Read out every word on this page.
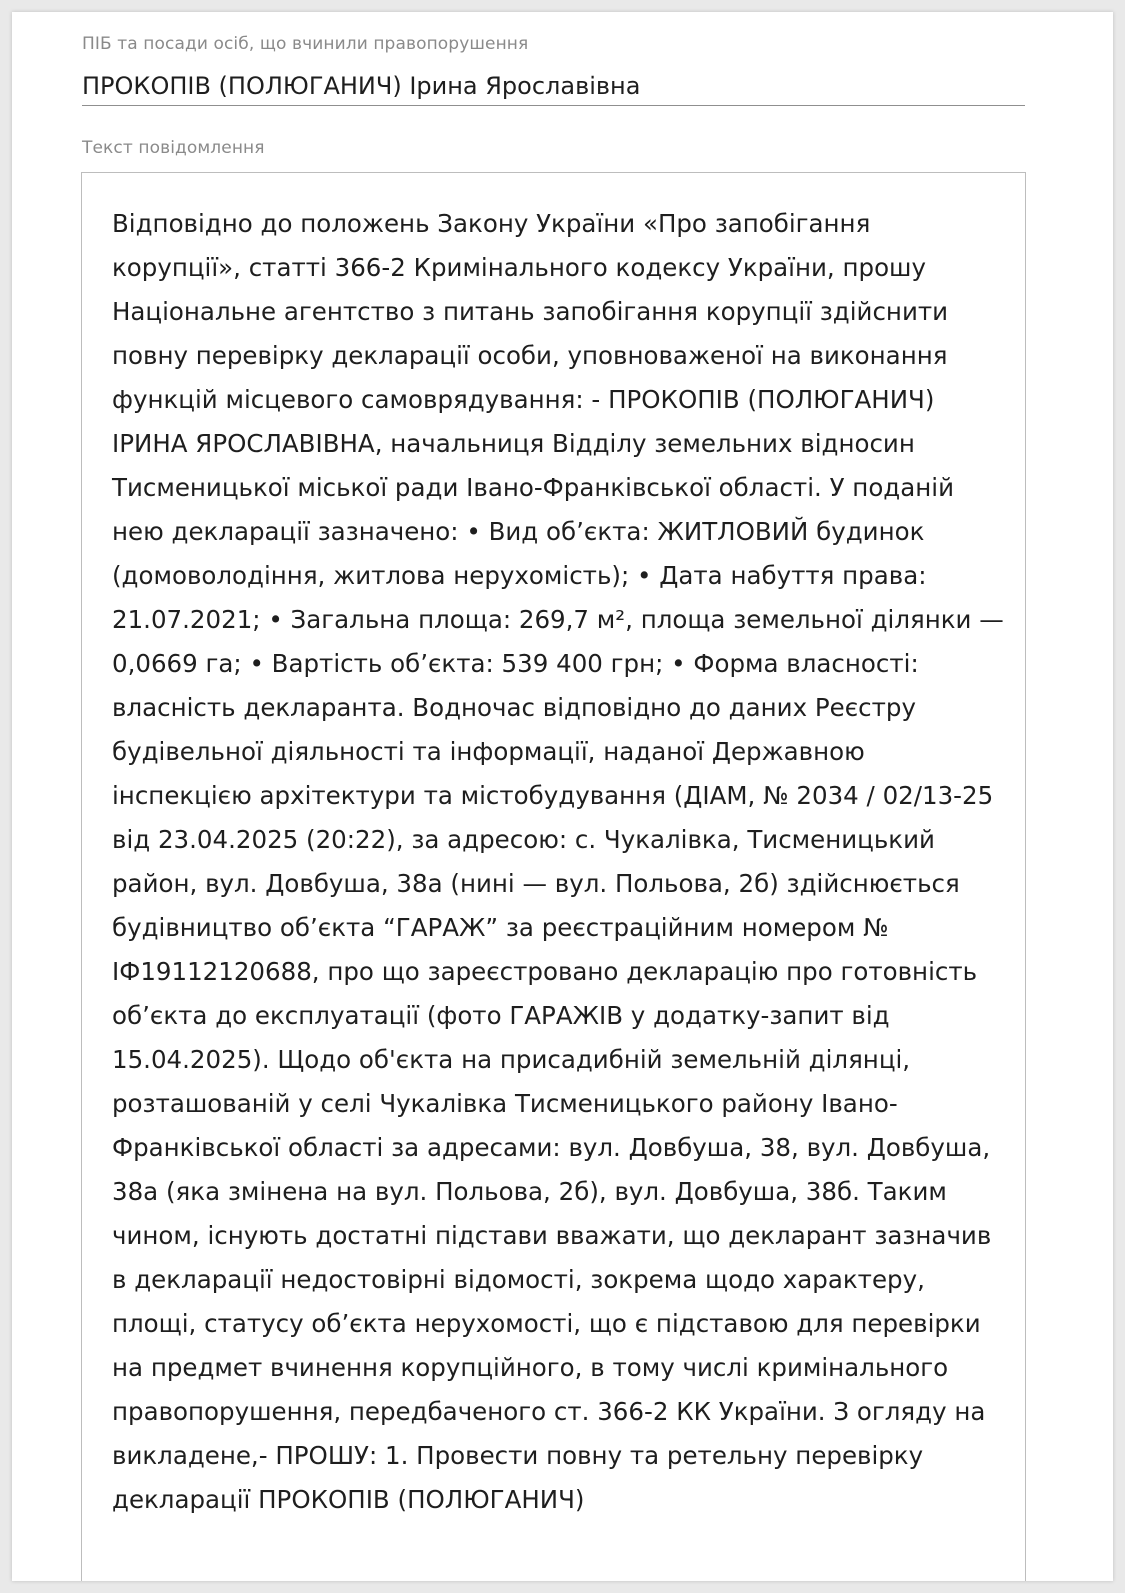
ПІБ та посади осіб, що вчинили правопорушення
ПРОКОПІВ (ПОЛЮГАНИЧ) Ірина Ярославівна
Текст повідомлення
Відповідно до положень Закону України «Про запобігання корупції», статті 366-2 Кримінального кодексу України, прошу Національне агентство з питань запобігання корупції здійснити повну перевірку декларації особи, уповноваженої на виконання функцій місцевого самоврядування: - ПРОКОПІВ (ПОЛЮГАНИЧ) ІРИНА ЯРОСЛАВІВНА, начальниця Відділу земельних відносин Тисменицької міської ради Івано-Франківської області. У поданій нею декларації зазначено: • Вид об’єкта: ЖИТЛОВИЙ будинок (домоволодіння, житлова нерухомість); • Дата набуття права: 21.07.2021; • Загальна площа: 269,7 м², площа земельної ділянки — 0,0669 га; • Вартість об’єкта: 539 400 грн; • Форма власності: власність декларанта. Водночас відповідно до даних Реєстру будівельної діяльності та інформації, наданої Державною інспекцією архітектури та містобудування (ДІАМ, № 2034 / 02/13-25 від 23.04.2025 (20:22), за адресою: с. Чукалівка, Тисменицький район, вул. Довбуша, 38а (нині — вул. Польова, 2б) здійснюється будівництво об’єкта “ГАРАЖ” за реєстраційним номером № ІФ19112120688, про що зареєстровано декларацію про готовність об’єкта до експлуатації (фото ГАРАЖІВ у додатку-запит від 15.04.2025). Щодо об'єкта на присадибній земельній ділянці, розташованій у селі Чукалівка Тисменицького району Івано-Франківської області за адресами: вул. Довбуша, 38, вул. Довбуша, 38а (яка змінена на вул. Польова, 2б), вул. Довбуша, 38б. Таким чином, існують достатні підстави вважати, що декларант зазначив в декларації недостовірні відомості, зокрема щодо характеру, площі, статусу об’єкта нерухомості, що є підставою для перевірки на предмет вчинення корупційного, в тому числі кримінального правопорушення, передбаченого ст. 366-2 КК України. З огляду на викладене,- ПРОШУ: 1. Провести повну та ретельну перевірку декларації ПРОКОПІВ (ПОЛЮГАНИЧ)
